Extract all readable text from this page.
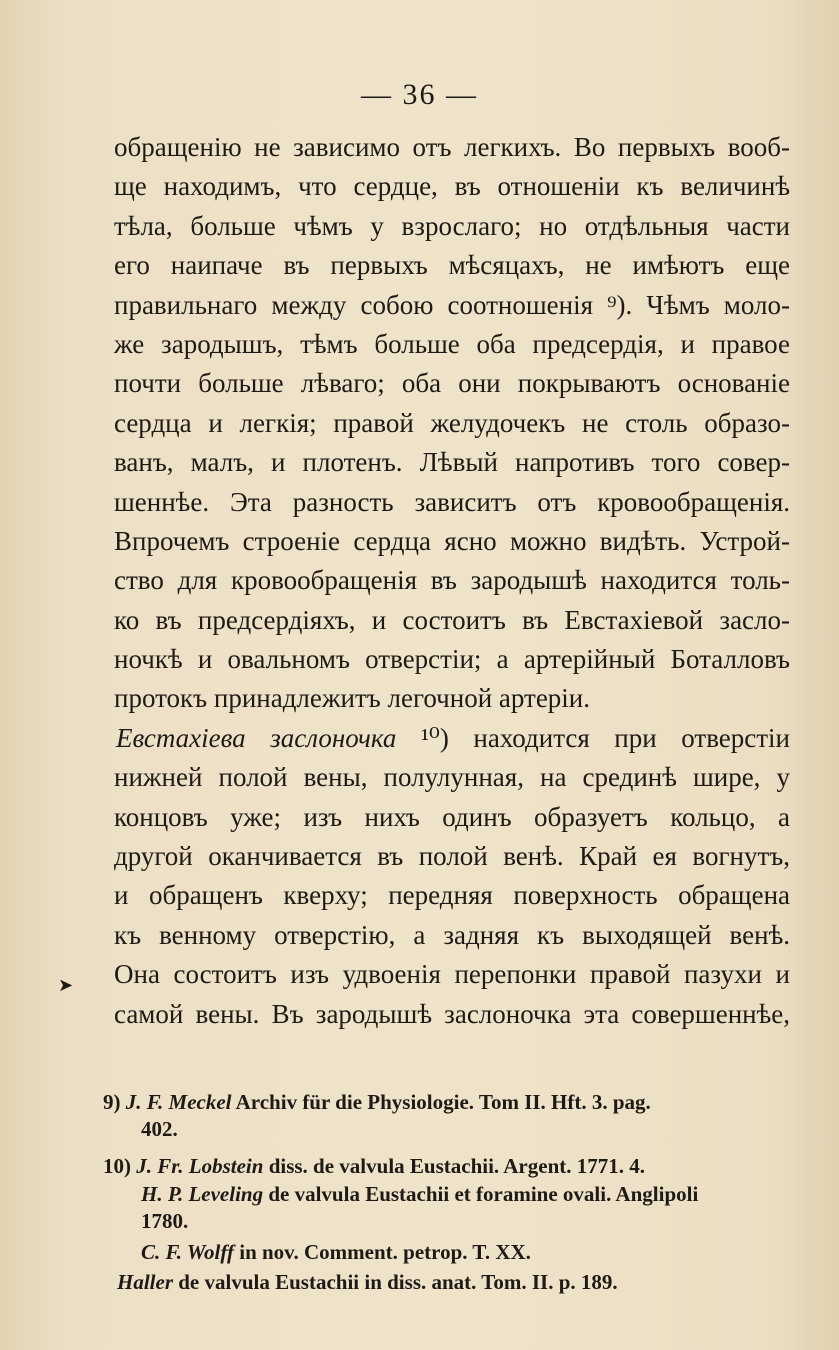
— 36 —
обращенію не зависимо отъ легкихъ. Во первыхъ вооб-
ще находимъ, что сердце, въ отношеніи къ величинѣ
тѣла, больше чѣмъ у взрослаго; но отдѣльныя части
его наипаче въ первыхъ мѣсяцахъ, не имѣютъ еще
правильнаго между собою соотношенія ⁹). Чѣмъ моло-
же зародышъ, тѣмъ больше оба предсердія, и правое
почти больше лѣваго; оба они покрываютъ основаніе
сердца и легкія; правой желудочекъ не столь образо-
ванъ, малъ, и плотенъ. Лѣвый напротивъ того совер-
шеннѣе. Эта разность зависитъ отъ кровообращенія.
Впрочемъ строеніе сердца ясно можно видѣть. Устрой-
ство для кровообращенія въ зародышѣ находится толь-
ко въ предсердіяхъ, и состоитъ въ Евстахіевой засло-
ночкѣ и овальномъ отверстіи; а артерійный Боталловъ
протокъ принадлежитъ легочной артеріи.
Евстахіева заслоночка ¹⁰) находится при отверстіи
нижней полой вены, полулунная, на срединѣ шире, у
концовъ уже; изъ нихъ одинъ образуетъ кольцо, а
другой оканчивается въ полой венѣ. Край ея вогнутъ,
и обращенъ кверху; передняя поверхность обращена
къ венному отверстію, а задняя къ выходящей венѣ.
Она состоитъ изъ удвоенія перепонки правой пазухи и
самой вены. Въ зародышѣ заслоночка эта совершеннѣе,
➤
9) J. F. Meckel Archiv für die Physiologie. Tom II. Hft. 3. pag.
402.
10) J. Fr. Lobstein diss. de valvula Eustachii. Argent. 1771. 4.
H. P. Leveling de valvula Eustachii et foramine ovali. Anglipoli
1780.
C. F. Wolff in nov. Comment. petrop. T. XX.
Haller de valvula Eustachii in diss. anat. Tom. II. p. 189.
